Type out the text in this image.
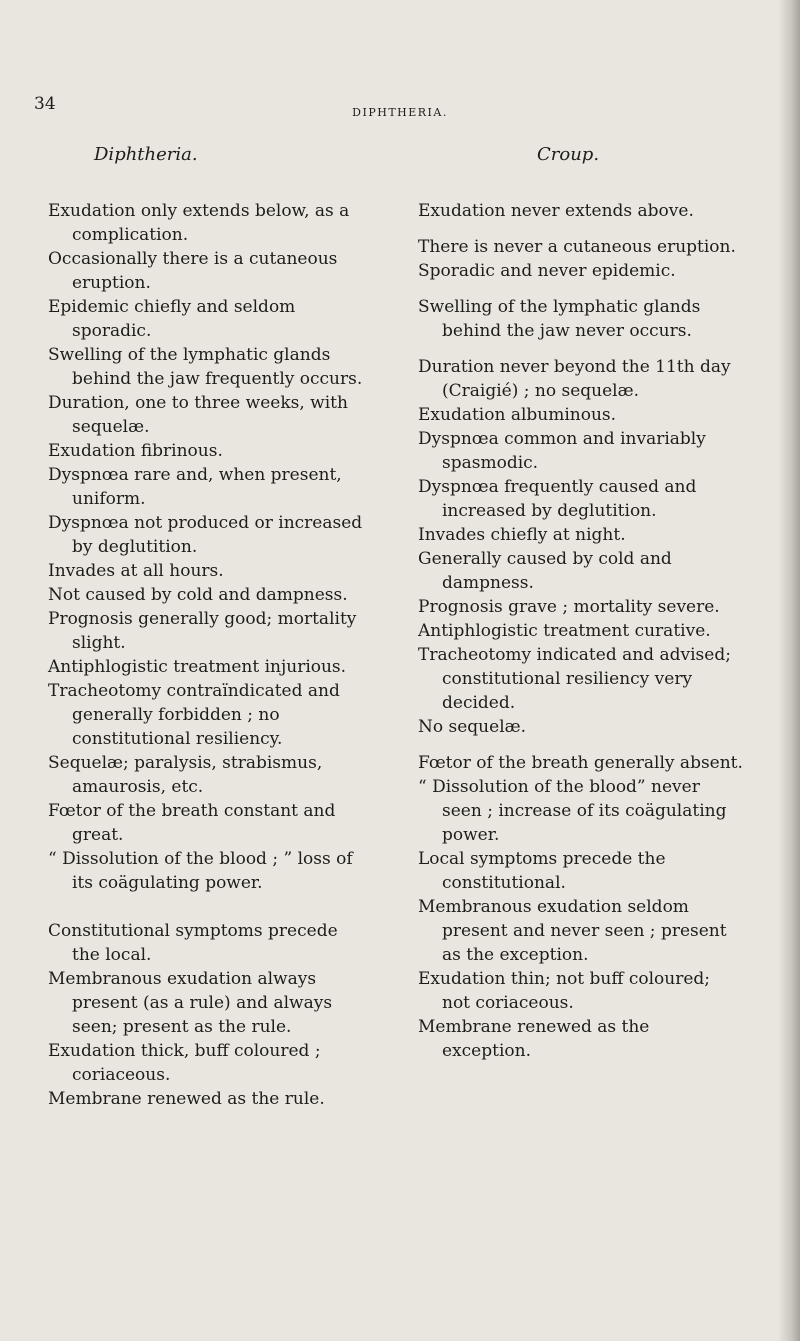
34	DIPHTHERIA.
Diphtheria.	Croup.

Exudation only extends below, as a complication.

Occasionally there is a cutaneous eruption.

Epidemic chiefly and seldom sporadic.

Swelling of the lymphatic glands behind the jaw frequently occurs.

Duration, one to three weeks, with sequelæ.

Exudation fibrinous.

Dyspnœa rare and, when present, uniform.

Dyspnœa not produced or increased by deglutition.

Invades at all hours.

Not caused by cold and dampness.

Prognosis generally good; mortality slight.

Antiphlogistic treatment injurious.

Tracheotomy contraïndicated and generally forbidden ; no constitutional resiliency.

Sequelæ; paralysis, strabismus, amaurosis, etc.

Fœtor of the breath constant and great.

“ Dissolution of the blood ; ” loss of its coägulating power.

Constitutional symptoms precede the local.

Membranous exudation always present (as a rule) and always seen; present as the rule.

Exudation thick, buff coloured ; coriaceous.

Membrane renewed as the rule.

Exudation never extends above.

There is never a cutaneous eruption.

Sporadic and never epidemic.

Swelling of the lymphatic glands behind the jaw never occurs.

Duration never beyond the 11th day (Craigié) ; no sequelæ.

Exudation albuminous.

Dyspnœa common and invariably spasmodic.

Dyspnœa frequently caused and increased by deglutition.

Invades chiefly at night.

Generally caused by cold and dampness.

Prognosis grave ; mortality severe.

Antiphlogistic treatment curative.

Tracheotomy indicated and advised; constitutional resiliency very decided.

No sequelæ.

Fœtor of the breath generally absent.

“ Dissolution of the blood” never seen ; increase of its coägulating power.

Local symptoms precede the constitutional.

Membranous exudation seldom present and never seen ; present as the exception.

Exudation thin; not buff coloured; not coriaceous.

Membrane renewed as the exception.
